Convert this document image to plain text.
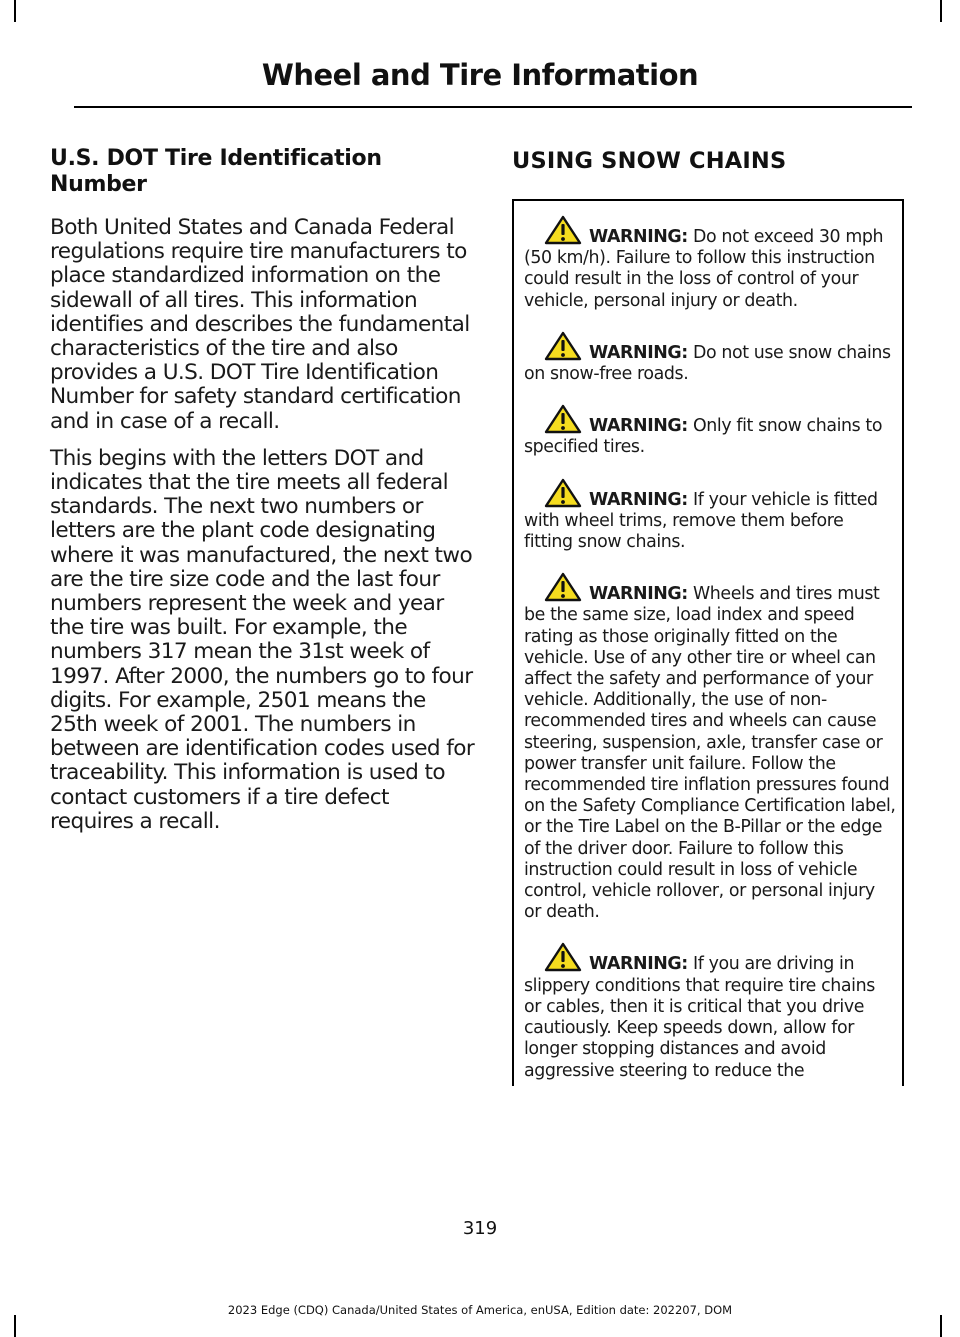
Wheel and Tire Information
U.S. DOT Tire Identification Number

Both United States and Canada Federal regulations require tire manufacturers to place standardized information on the sidewall of all tires. This information identifies and describes the fundamental characteristics of the tire and also provides a U.S. DOT Tire Identification Number for safety standard certification and in case of a recall.

This begins with the letters DOT and indicates that the tire meets all federal standards. The next two numbers or letters are the plant code designating where it was manufactured, the next two are the tire size code and the last four numbers represent the week and year the tire was built. For example, the numbers 317 mean the 31st week of 1997. After 2000, the numbers go to four digits. For example, 2501 means the 25th week of 2001. The numbers in between are identification codes used for traceability. This information is used to contact customers if a tire defect requires a recall.

USING SNOW CHAINS

WARNING: Do not exceed 30 mph (50 km/h). Failure to follow this instruction could result in the loss of control of your vehicle, personal injury or death.

WARNING: Do not use snow chains on snow-free roads.

WARNING: Only fit snow chains to specified tires.

WARNING: If your vehicle is fitted with wheel trims, remove them before fitting snow chains.

WARNING: Wheels and tires must be the same size, load index and speed rating as those originally fitted on the vehicle. Use of any other tire or wheel can affect the safety and performance of your vehicle. Additionally, the use of non-recommended tires and wheels can cause steering, suspension, axle, transfer case or power transfer unit failure. Follow the recommended tire inflation pressures found on the Safety Compliance Certification label, or the Tire Label on the B-Pillar or the edge of the driver door. Failure to follow this instruction could result in loss of vehicle control, vehicle rollover, or personal injury or death.

WARNING: If you are driving in slippery conditions that require tire chains or cables, then it is critical that you drive cautiously. Keep speeds down, allow for longer stopping distances and avoid aggressive steering to reduce the

319
2023 Edge (CDQ) Canada/United States of America, enUSA, Edition date: 202207, DOM
